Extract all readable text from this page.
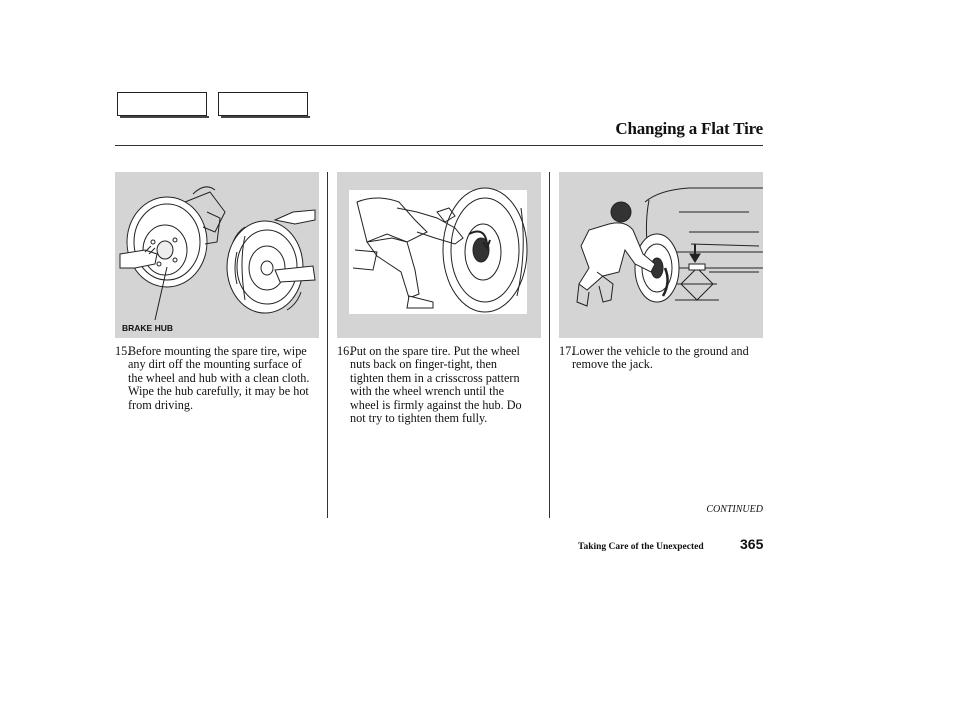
Changing a Flat Tire
BRAKE HUB
15.
Before mounting the spare tire, wipe any dirt off the mounting surface of the wheel and hub with a clean cloth. Wipe the hub carefully, it may be hot from driving.
16.
Put on the spare tire. Put the wheel nuts back on finger-tight, then tighten them in a crisscross pattern with the wheel wrench until the wheel is firmly against the hub. Do not try to tighten them fully.
17.
Lower the vehicle to the ground and remove the jack.
CONTINUED
Taking Care of the Unexpected	365
